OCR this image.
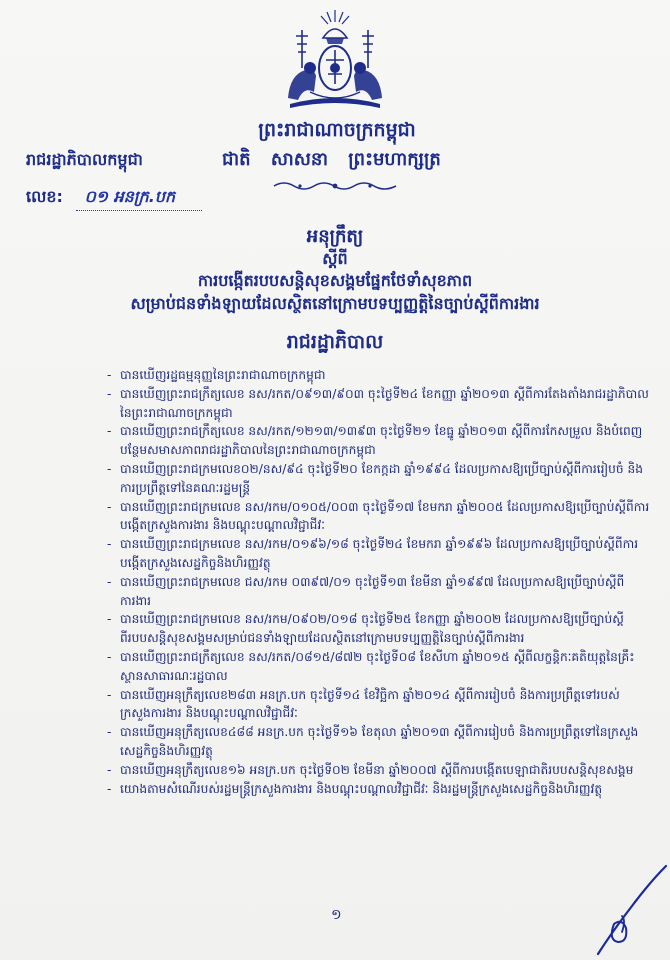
ព្រះរាជាណាចក្រកម្ពុជា
រាជរដ្ឋាភិបាលកម្ពុជា	ជាតិ សាសនា ព្រះមហាក្សត្រ
លេខ: ០១ អនក្រ.បក
អនុក្រឹត្យ
ស្តីពី
ការបង្កើតរបបសន្តិសុខសង្គមផ្នែកថែទាំសុខភាព
សម្រាប់ជនទាំងឡាយដែលស្ថិតនៅក្រោមបទប្បញ្ញត្តិនៃច្បាប់ស្តីពីការងារ
រាជរដ្ឋាភិបាល
- បានឃើញរដ្ឋធម្មនុញ្ញនៃព្រះរាជាណាចក្រកម្ពុជា
- បានឃើញព្រះរាជក្រឹត្យលេខ នស/រកត/០៩១៣/៩០៣ ចុះថ្ងៃទី២៤ ខែកញ្ញា ឆ្នាំ២០១៣ ស្តីពីការតែងតាំងរាជរដ្ឋាភិបាលនៃព្រះរាជាណាចក្រកម្ពុជា
- បានឃើញព្រះរាជក្រឹត្យលេខ នស/រកត/១២១៣/១៣៩៣ ចុះថ្ងៃទី២១ ខែធ្នូ ឆ្នាំ២០១៣ ស្តីពីការកែសម្រួល និងបំពេញបន្ថែមសមាសភាពរាជរដ្ឋាភិបាលនៃព្រះរាជាណាចក្រកម្ពុជា
- បានឃើញព្រះរាជក្រមលេខ០២/នស/៩៤ ចុះថ្ងៃទី២០ ខែកក្កដា ឆ្នាំ១៩៩៤ ដែលប្រកាសឱ្យប្រើច្បាប់ស្តីពីការរៀបចំ និងការប្រព្រឹត្តទៅនៃគណៈរដ្ឋមន្ត្រី
- បានឃើញព្រះរាជក្រមលេខ នស/រកម/០១០៥/០០៣ ចុះថ្ងៃទី១៧ ខែមករា ឆ្នាំ២០០៥ ដែលប្រកាសឱ្យប្រើច្បាប់ស្តីពីការបង្កើតក្រសួងការងារ និងបណ្តុះបណ្តាលវិជ្ជាជីវៈ
- បានឃើញព្រះរាជក្រមលេខ នស/រកម/០១៩៦/១៨ ចុះថ្ងៃទី២៤ ខែមករា ឆ្នាំ១៩៩៦ ដែលប្រកាសឱ្យប្រើច្បាប់ស្តីពីការបង្កើតក្រសួងសេដ្ឋកិច្ចនិងហិរញ្ញវត្ថុ
- បានឃើញព្រះរាជក្រមលេខ ជស/រកម ០៣៩៧/០១ ចុះថ្ងៃទី១៣ ខែមីនា ឆ្នាំ១៩៩៧ ដែលប្រកាសឱ្យប្រើច្បាប់ស្តីពីការងារ
- បានឃើញព្រះរាជក្រមលេខ នស/រកម/០៩០២/០១៨ ចុះថ្ងៃទី២៥ ខែកញ្ញា ឆ្នាំ២០០២ ដែលប្រកាសឱ្យប្រើច្បាប់ស្តីពីរបបសន្តិសុខសង្គមសម្រាប់ជនទាំងឡាយដែលស្ថិតនៅក្រោមបទប្បញ្ញត្តិនៃច្បាប់ស្តីពីការងារ
- បានឃើញព្រះរាជក្រឹត្យលេខ នស/រកត/០៨១៥/៨៧២ ចុះថ្ងៃទី០៨ ខែសីហា ឆ្នាំ២០១៥ ស្តីពីលក្ខន្តិកៈគតិយុត្តនៃគ្រឹះស្ថានសាធារណៈរដ្ឋបាល
- បានឃើញអនុក្រឹត្យលេខ២៨៣ អនក្រ.បក ចុះថ្ងៃទី១៤ ខែវិច្ឆិកា ឆ្នាំ២០១៤ ស្តីពីការរៀបចំ និងការប្រព្រឹត្តទៅរបស់ក្រសួងការងារ និងបណ្តុះបណ្តាលវិជ្ជាជីវៈ
- បានឃើញអនុក្រឹត្យលេខ៤៨៨ អនក្រ.បក ចុះថ្ងៃទី១៦ ខែតុលា ឆ្នាំ២០១៣ ស្តីពីការរៀបចំ និងការប្រព្រឹត្តទៅនៃក្រសួងសេដ្ឋកិច្ចនិងហិរញ្ញវត្ថុ
- បានឃើញអនុក្រឹត្យលេខ១៦ អនក្រ.បក ចុះថ្ងៃទី០២ ខែមីនា ឆ្នាំ២០០៧ ស្តីពីការបង្កើតបេឡាជាតិរបបសន្តិសុខសង្គម
- យោងតាមសំណើរបស់រដ្ឋមន្ត្រីក្រសួងការងារ និងបណ្តុះបណ្តាលវិជ្ជាជីវៈ និងរដ្ឋមន្ត្រីក្រសួងសេដ្ឋកិច្ចនិងហិរញ្ញវត្ថុ
១
